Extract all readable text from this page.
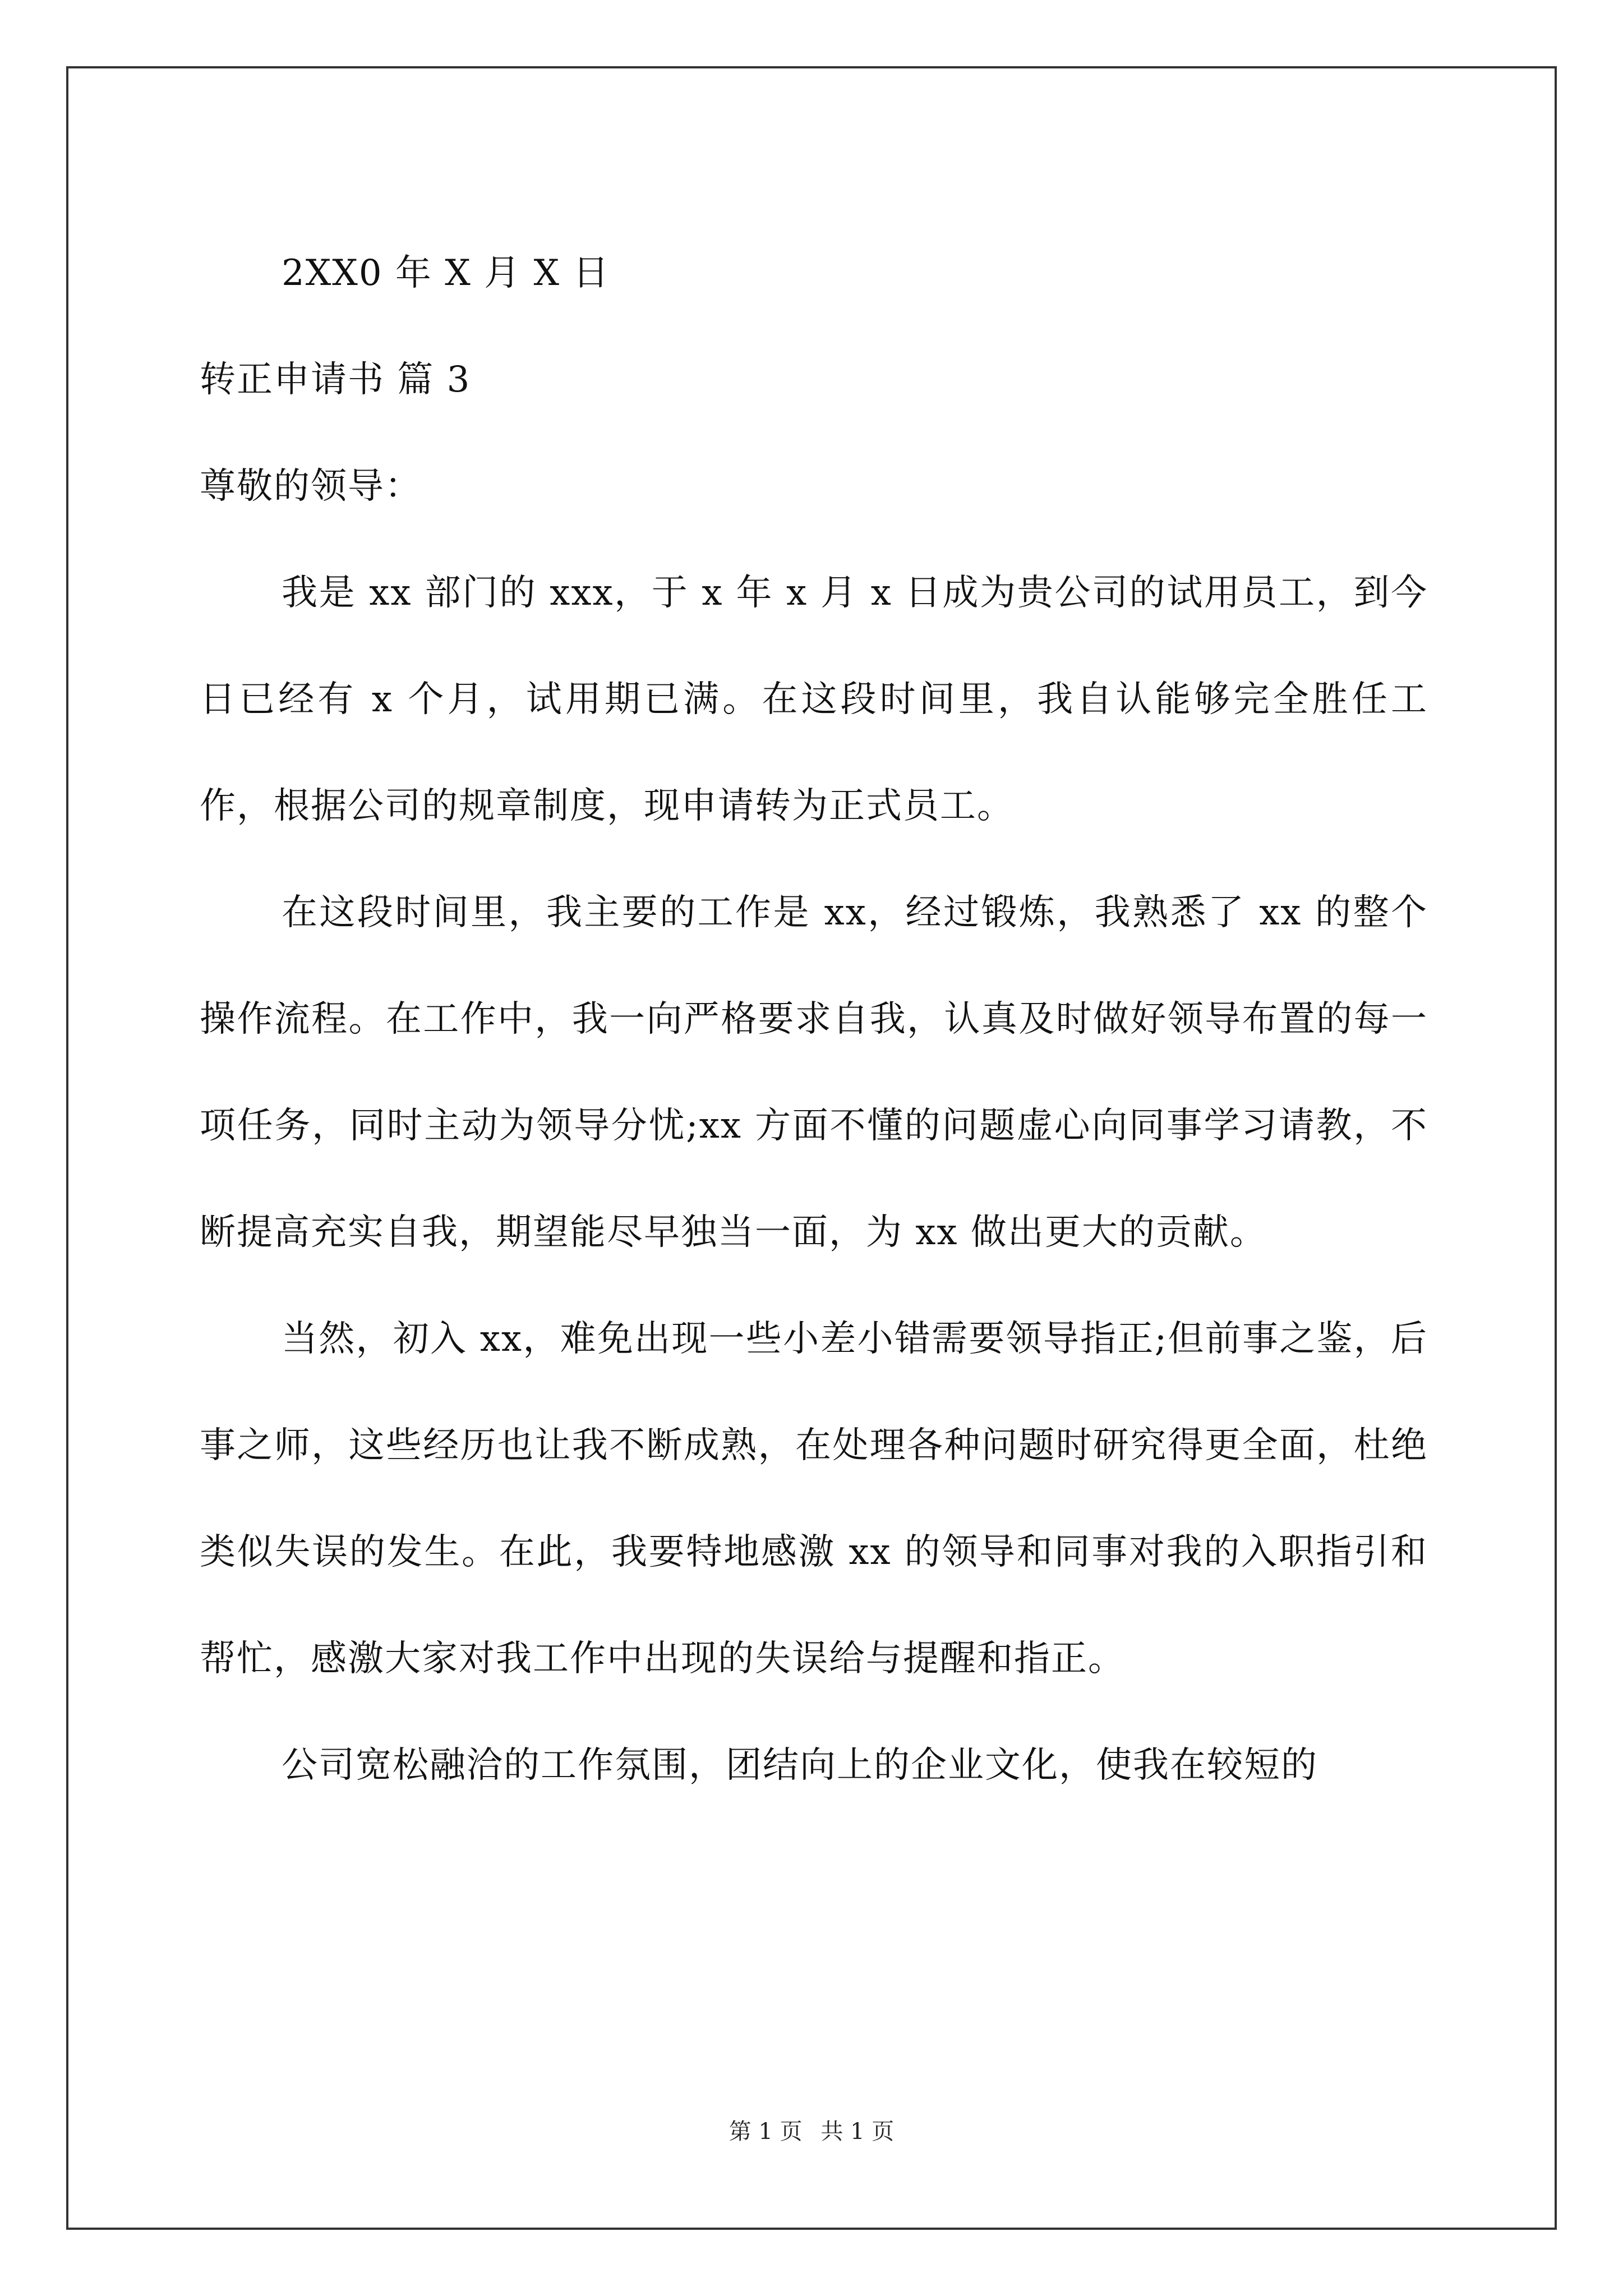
2XX0 年 X 月 X 日
转正申请书 篇 3
尊敬的领导：

我是 xx 部门的 xxx，于 x 年 x 月 x 日成为贵公司的试用员工，到今日已经有 x 个月，试用期已满。在这段时间里，我自认能够完全胜任工作，根据公司的规章制度，现申请转为正式员工。

在这段时间里，我主要的工作是 xx，经过锻炼，我熟悉了 xx 的整个操作流程。在工作中，我一向严格要求自我，认真及时做好领导布置的每一项任务，同时主动为领导分忧;xx 方面不懂的问题虚心向同事学习请教，不断提高充实自我，期望能尽早独当一面，为 xx 做出更大的贡献。

当然，初入 xx，难免出现一些小差小错需要领导指正;但前事之鉴，后事之师，这些经历也让我不断成熟，在处理各种问题时研究得更全面，杜绝类似失误的发生。在此，我要特地感激 xx 的领导和同事对我的入职指引和帮忙，感激大家对我工作中出现的失误给与提醒和指正。

公司宽松融洽的工作氛围，团结向上的企业文化，使我在较短的

第 1 页 共 1 页
